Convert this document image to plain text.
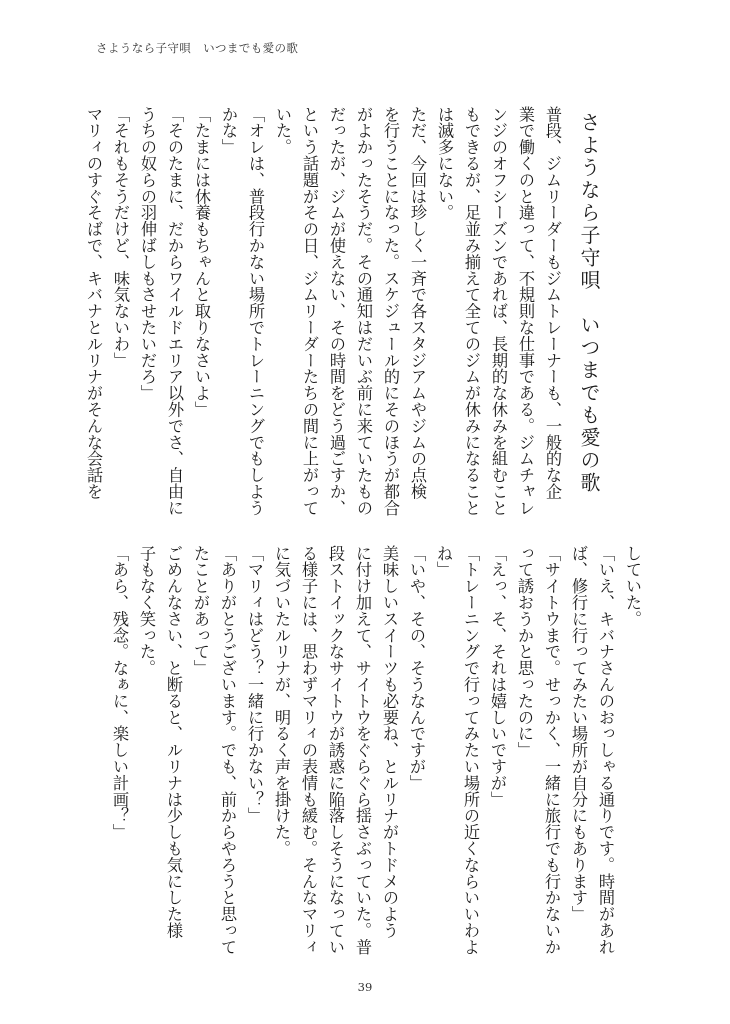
さようなら子守唄　いつまでも愛の歌
さようなら子守唄　いつまでも愛の歌
普段、ジムリーダーもジムトレーナーも、一般的な企
業で働くのと違って、不規則な仕事である。ジムチャレ
ンジのオフシーズンであれば、長期的な休みを組むこと
もできるが、足並み揃えて全てのジムが休みになること
は滅多にない。
ただ、今回は珍しく一斉で各スタジアムやジムの点検
を行うことになった。スケジュール的にそのほうが都合
がよかったそうだ。その通知はだいぶ前に来ていたもの
だったが、ジムが使えない、その時間をどう過ごすか、
という話題がその日、ジムリーダーたちの間に上がって
いた。
「オレは、普段行かない場所でトレーニングでもしよう
かな」
「たまには休養もちゃんと取りなさいよ」
「そのたまに、だからワイルドエリア以外でさ、自由に
うちの奴らの羽伸ばしもさせたいだろ」
「それもそうだけど、味気ないわ」
マリィのすぐそばで、キバナとルリナがそんな会話を
していた。
「いえ、キバナさんのおっしゃる通りです。時間があれ
ば、修行に行ってみたい場所が自分にもあります」
「サイトウまで。せっかく、一緒に旅行でも行かないか
って誘おうかと思ったのに」
「えっ、そ、それは嬉しいですが」
「トレーニングで行ってみたい場所の近くならいいわよ
ね」
「いや、その、そうなんですが」
美味しいスイーツも必要ね、とルリナがトドメのよう
に付け加えて、サイトウをぐらぐら揺さぶっていた。普
段ストイックなサイトウが誘惑に陥落しそうになってい
る様子には、思わずマリィの表情も緩む。そんなマリィ
に気づいたルリナが、明るく声を掛けた。
「マリィはどう？一緒に行かない？」
「ありがとうございます。でも、前からやろうと思って
たことがあって」
ごめんなさい、と断ると、ルリナは少しも気にした様
子もなく笑った。
「あら、残念。なぁに、楽しい計画？」
39
